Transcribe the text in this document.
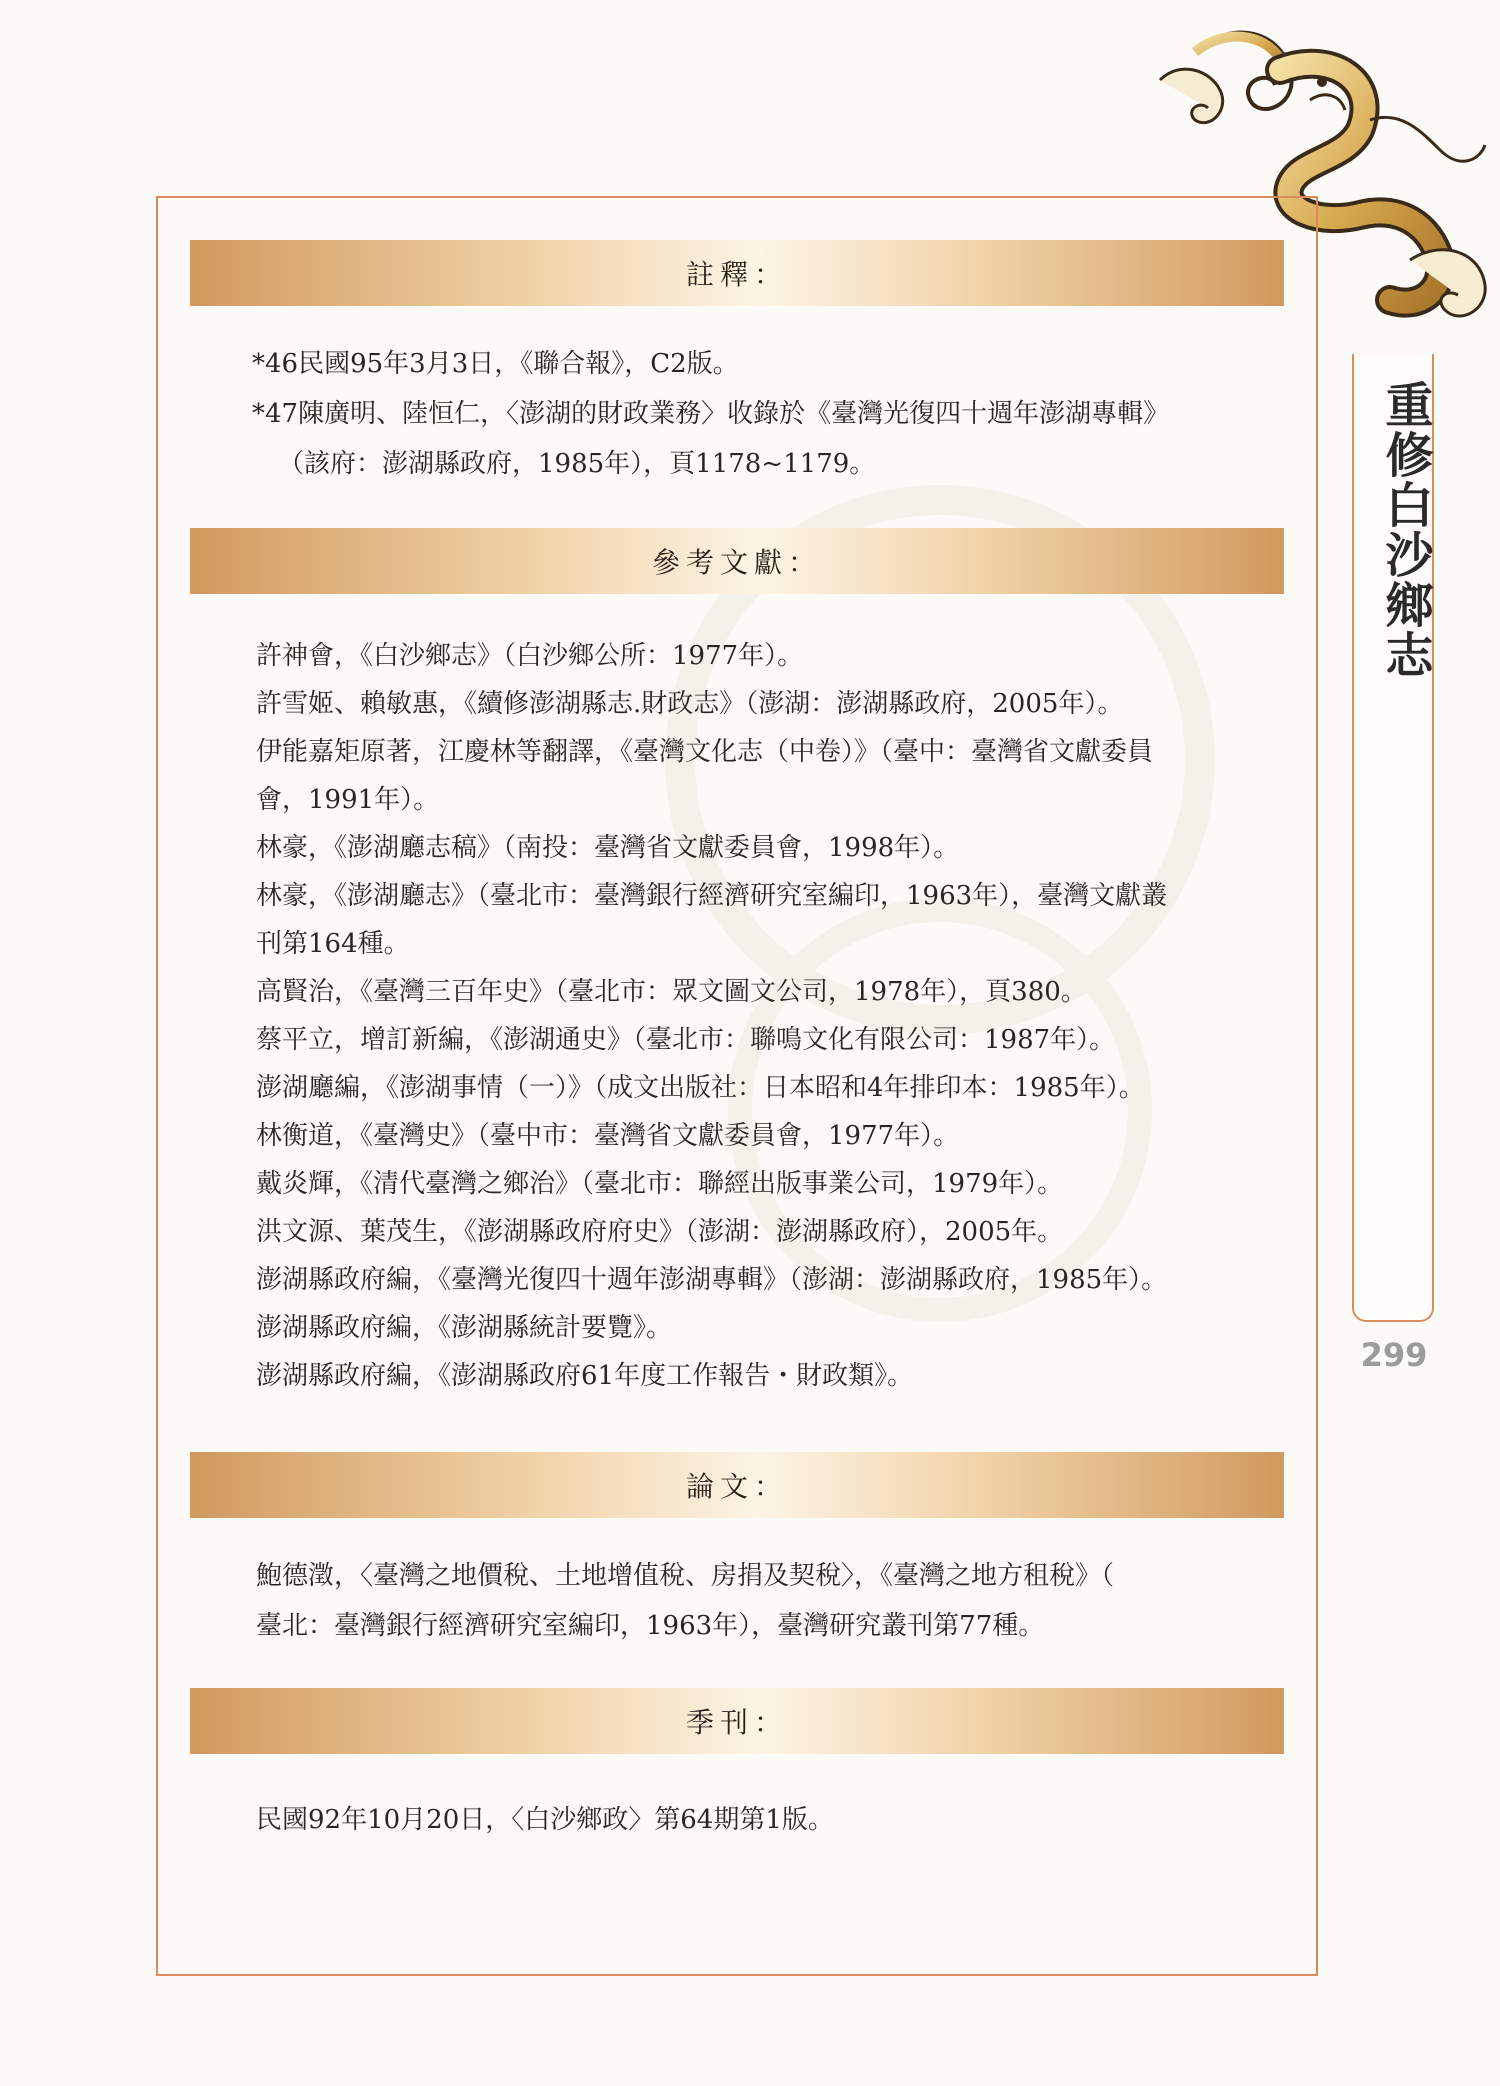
重修白沙鄉志
299
註釋：
*46民國95年3月3日，《聯合報》，C2版。
*47陳廣明、陸恒仁，〈澎湖的財政業務〉收錄於《臺灣光復四十週年澎湖專輯》
（該府：澎湖縣政府，1985年），頁1178~1179。
參考文獻：
許神會，《白沙鄉志》（白沙鄉公所：1977年）。
許雪姬、賴敏惠，《續修澎湖縣志.財政志》（澎湖：澎湖縣政府，2005年）。
伊能嘉矩原著，江慶林等翻譯，《臺灣文化志（中卷）》（臺中：臺灣省文獻委員
會，1991年）。
林豪，《澎湖廳志稿》（南投：臺灣省文獻委員會，1998年）。
林豪，《澎湖廳志》（臺北市：臺灣銀行經濟研究室編印，1963年），臺灣文獻叢
刊第164種。
高賢治，《臺灣三百年史》（臺北市：眾文圖文公司，1978年），頁380。
蔡平立，增訂新編，《澎湖通史》（臺北市：聯鳴文化有限公司：1987年）。
澎湖廳編，《澎湖事情（一）》（成文出版社：日本昭和4年排印本：1985年）。
林衡道，《臺灣史》（臺中市：臺灣省文獻委員會，1977年）。
戴炎輝，《清代臺灣之鄉治》（臺北市：聯經出版事業公司，1979年）。
洪文源、葉茂生，《澎湖縣政府府史》（澎湖：澎湖縣政府），2005年。
澎湖縣政府編，《臺灣光復四十週年澎湖專輯》（澎湖：澎湖縣政府，1985年）。
澎湖縣政府編，《澎湖縣統計要覽》。
澎湖縣政府編，《澎湖縣政府61年度工作報告・財政類》。
論文：
鮑德澂，〈臺灣之地價稅、土地增值稅、房捐及契稅〉，《臺灣之地方租稅》（
臺北：臺灣銀行經濟研究室編印，1963年），臺灣研究叢刊第77種。
季刊：
民國92年10月20日，〈白沙鄉政〉第64期第1版。
